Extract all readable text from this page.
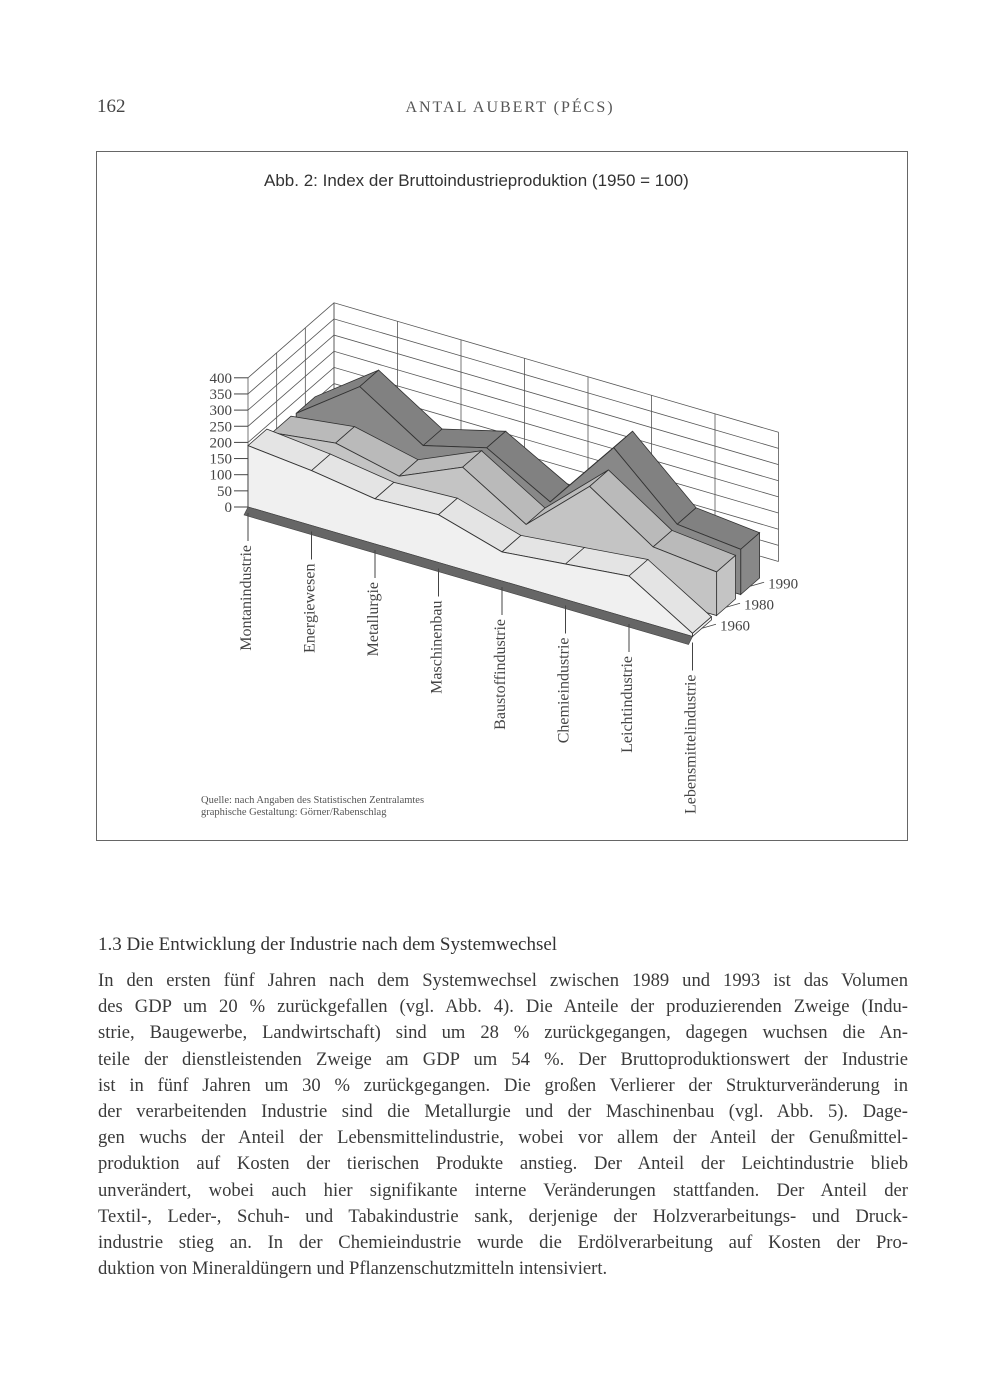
162	ANTAL AUBERT (PÉCS)
Abb. 2: Index der Bruttoindustrieproduktion (1950 = 100)
0
50
100
150
200
250
300
350
400
1960
1980
1990
Montanindustrie	Energiewesen	Metallurgie	Maschinenbau	Baustoffindustrie	Chemieindustrie	Leichtindustrie	Lebensmittelindustrie
Quelle: nach Angaben des Statistischen Zentralamtes
graphische Gestaltung: Görner/Rabenschlag
1.3 Die Entwicklung der Industrie nach dem Systemwechsel
In den ersten fünf Jahren nach dem Systemwechsel zwischen 1989 und 1993 ist das Volumen
des GDP um 20 % zurückgefallen (vgl. Abb. 4). Die Anteile der produzierenden Zweige (Indu-
strie, Baugewerbe, Landwirtschaft) sind um 28 % zurückgegangen, dagegen wuchsen die An-
teile der dienstleistenden Zweige am GDP um 54 %. Der Bruttoproduktionswert der Industrie
ist in fünf Jahren um 30 % zurückgegangen. Die großen Verlierer der Strukturveränderung in
der verarbeitenden Industrie sind die Metallurgie und der Maschinenbau (vgl. Abb. 5). Dage-
gen wuchs der Anteil der Lebensmittelindustrie, wobei vor allem der Anteil der Genußmittel-
produktion auf Kosten der tierischen Produkte anstieg. Der Anteil der Leichtindustrie blieb
unverändert, wobei auch hier signifikante interne Veränderungen stattfanden. Der Anteil der
Textil-, Leder-, Schuh- und Tabakindustrie sank, derjenige der Holzverarbeitungs- und Druck-
industrie stieg an. In der Chemieindustrie wurde die Erdölverarbeitung auf Kosten der Pro-
duktion von Mineraldüngern und Pflanzenschutzmitteln intensiviert.
